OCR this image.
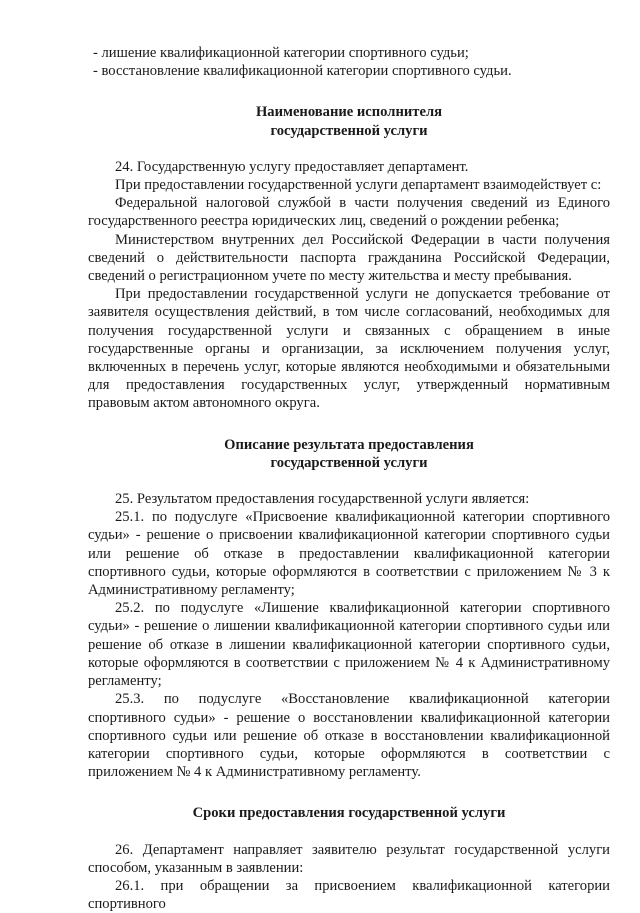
- лишение квалификационной категории спортивного судьи;

- восстановление квалификационной категории спортивного судьи.

Наименование исполнителя

государственной услуги

24. Государственную услугу предоставляет департамент.

При предоставлении государственной услуги департамент взаимодействует с:

Федеральной налоговой службой в части получения сведений из Единого государственного реестра юридических лиц, сведений о рождении ребенка;

Министерством внутренних дел Российской Федерации в части получения сведений о действительности паспорта гражданина Российской Федерации, сведений о регистрационном учете по месту жительства и месту пребывания.

При предоставлении государственной услуги не допускается требование от заявителя осуществления действий, в том числе согласований, необходимых для получения государственной услуги и связанных с обращением в иные государственные органы и организации, за исключением получения услуг, включенных в перечень услуг, которые являются необходимыми и обязательными для предоставления государственных услуг, утвержденный нормативным правовым актом автономного округа.

Описание результата предоставления

государственной услуги

25. Результатом предоставления государственной услуги является:

25.1. по подуслуге «Присвоение квалификационной категории спортивного судьи» - решение о присвоении квалификационной категории спортивного судьи или решение об отказе в предоставлении квалификационной категории спортивного судьи, которые оформляются в соответствии с приложением № 3 к Административному регламенту;

25.2. по подуслуге «Лишение квалификационной категории спортивного судьи» - решение о лишении квалификационной категории спортивного судьи или решение об отказе в лишении квалификационной категории спортивного судьи, которые оформляются в соответствии с приложением № 4 к Административному регламенту;

25.3. по подуслуге «Восстановление квалификационной категории спортивного судьи» - решение о восстановлении квалификационной категории спортивного судьи или решение об отказе в восстановлении квалификационной категории спортивного судьи, которые оформляются в соответствии с приложением № 4 к Административному регламенту.

Сроки предоставления государственной услуги

26. Департамент направляет заявителю результат государственной услуги способом, указанным в заявлении:

26.1. при обращении за присвоением квалификационной категории спортивного
